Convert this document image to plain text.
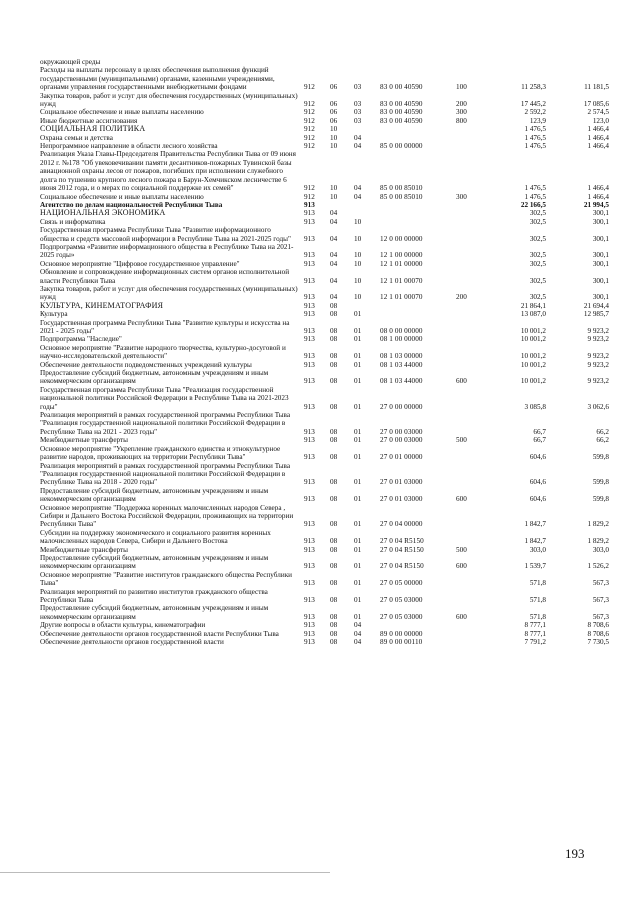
окружающей среды							
Расходы на выплаты персоналу в целях обеспечения выполнения функций государственными (муниципальными) органами, казенными учреждениями, органами управления государственными внебюджетными фондами	912	06	03	83 0 00 40590	100	11 258,3	11 181,5
Закупка товаров, работ и услуг для обеспечения государственных (муниципальных) нужд	912	06	03	83 0 00 40590	200	17 445,2	17 085,6
Социальное обеспечение и иные выплаты населению	912	06	03	83 0 00 40590	300	2 592,2	2 574,5
Иные бюджетные ассигнования	912	06	03	83 0 00 40590	800	123,9	123,0
СОЦИАЛЬНАЯ ПОЛИТИКА	912	10				1 476,5	1 466,4
Охрана семьи и детства	912	10	04			1 476,5	1 466,4
Непрограммное направление в области лесного хозяйства	912	10	04	85 0 00 00000		1 476,5	1 466,4
Реализация Указа Главы-Председателя Правительства Республики Тыва от 09 июня 2012 г. №178 "Об увековечивании памяти десантников-пожарных Тувинской базы авиационной охраны лесов от пожаров, погибших при исполнении служебного долга по тушению крупного лесного пожара в Барун-Хемчикском лесничестве 6 июня 2012 года, и о мерах по социальной поддержке их семей"	912	10	04	85 0 00 85010		1 476,5	1 466,4
Социальное обеспечение и иные выплаты населению	912	10	04	85 0 00 85010	300	1 476,5	1 466,4
Агентство по делам национальностей Республики Тыва	913					22 166,5	21 994,5
НАЦИОНАЛЬНАЯ ЭКОНОМИКА	913	04				302,5	300,1
Связь и информатика	913	04	10			302,5	300,1
Государственная программа Республики Тыва "Развитие информационного общества и средств массовой информации в Республике Тыва на 2021-2025 годы"	913	04	10	12 0 00 00000		302,5	300,1
Подпрограмма «Развитие информационного общества в Республике Тыва на 2021-2025 годы»	913	04	10	12 1 00 00000		302,5	300,1
Основное мероприятие "Цифровое государственное управление"	913	04	10	12 1 01 00000		302,5	300,1
Обновление и сопровождение информационных систем органов исполнительной власти Республики Тыва	913	04	10	12 1 01 00070		302,5	300,1
Закупка товаров, работ и услуг для обеспечения государственных (муниципальных) нужд	913	04	10	12 1 01 00070	200	302,5	300,1
КУЛЬТУРА, КИНЕМАТОГРАФИЯ	913	08				21 864,1	21 694,4
Культура	913	08	01			13 087,0	12 985,7
Государственная программа Республики Тыва "Развитие культуры и искусства на 2021 - 2025 годы"	913	08	01	08 0 00 00000		10 001,2	9 923,2
Подпрограмма "Наследие"	913	08	01	08 1 00 00000		10 001,2	9 923,2
Основное мероприятие "Развитие народного творчества, культурно-досуговой и научно-исследовательской деятельности"	913	08	01	08 1 03 00000		10 001,2	9 923,2
Обеспечение деятельности подведомственных учреждений культуры	913	08	01	08 1 03 44000		10 001,2	9 923,2
Предоставление субсидий бюджетным, автономным учреждениям и иным некоммерческим организациям	913	08	01	08 1 03 44000	600	10 001,2	9 923,2
Государственная программа Республики Тыва "Реализация государственной национальной политики Российской Федерации в Республике Тыва на 2021-2023 годы"	913	08	01	27 0 00 00000		3 085,8	3 062,6
Реализация мероприятий в рамках государственной программы Республики Тыва "Реализация государственной национальной политики Российской Федерации в Республике Тыва на 2021 - 2023 годы"	913	08	01	27 0 00 03000		66,7	66,2
Межбюджетные трансферты	913	08	01	27 0 00 03000	500	66,7	66,2
Основное мероприятие "Укрепление гражданского единства и этнокультурное развитие народов, проживающих на территории Республики Тыва"	913	08	01	27 0 01 00000		604,6	599,8
Реализация мероприятий в рамках государственной программы Республики Тыва "Реализация государственной национальной политики Российской Федерации в Республике Тыва на 2018 - 2020 годы"	913	08	01	27 0 01 03000		604,6	599,8
Предоставление субсидий бюджетным, автономным учреждениям и иным некоммерческим организациям	913	08	01	27 0 01 03000	600	604,6	599,8
Основное мероприятие "Поддержка коренных малочисленных народов Севера , Сибири и Дальнего Востока Российской Федерации, проживающих на территории Республики Тыва"	913	08	01	27 0 04 00000		1 842,7	1 829,2
Субсидии на поддержку экономического и социального развития коренных малочисленных народов Севера, Сибири и Дальнего Востока	913	08	01	27 0 04 R5150		1 842,7	1 829,2
Межбюджетные трансферты	913	08	01	27 0 04 R5150	500	303,0	303,0
Предоставление субсидий бюджетным, автономным учреждениям и иным некоммерческим организациям	913	08	01	27 0 04 R5150	600	1 539,7	1 526,2
Основное мероприятие "Развитие институтов гражданского общества Республики Тыва"	913	08	01	27 0 05 00000		571,8	567,3
Реализация мероприятий по развитию институтов гражданского общества Республики Тыва	913	08	01	27 0 05 03000		571,8	567,3
Предоставление субсидий бюджетным, автономным учреждениям и иным некоммерческим организациям	913	08	01	27 0 05 03000	600	571,8	567,3
Другие вопросы в области культуры, кинематографии	913	08	04			8 777,1	8 708,6
Обеспечение деятельности органов государственной власти Республики Тыва	913	08	04	89 0 00 00000		8 777,1	8 708,6
Обеспечение деятельности органов государственной власти	913	08	04	89 0 00 00110		7 791,2	7 730,5
193
